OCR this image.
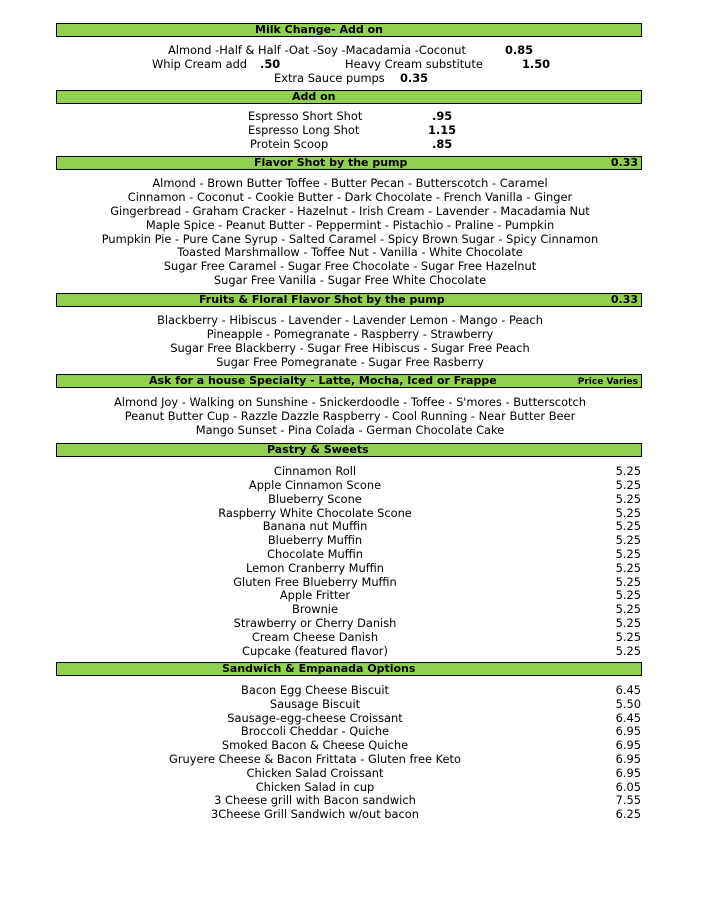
Milk Change- Add on
Almond -Half & Half -Oat -Soy -Macadamia -Coconut	0.85
Whip Cream add .50	Heavy Cream substitute	1.50
Extra Sauce pumps 0.35
Add on
Espresso Short Shot	.95
Espresso Long Shot	1.15
Protein Scoop	.85
Flavor Shot by the pump	0.33
Almond - Brown Butter Toffee - Butter Pecan - Butterscotch - Caramel
Cinnamon - Coconut - Cookie Butter - Dark Chocolate - French Vanilla - Ginger
Gingerbread - Graham Cracker - Hazelnut - Irish Cream - Lavender - Macadamia Nut
Maple Spice - Peanut Butter - Peppermint - Pistachio - Praline - Pumpkin
Pumpkin Pie - Pure Cane Syrup - Salted Caramel - Spicy Brown Sugar - Spicy Cinnamon
Toasted Marshmallow - Toffee Nut - Vanilla - White Chocolate
Sugar Free Caramel - Sugar Free Chocolate - Sugar Free Hazelnut
Sugar Free Vanilla - Sugar Free White Chocolate
Fruits & Floral Flavor Shot by the pump	0.33
Blackberry - Hibiscus - Lavender - Lavender Lemon - Mango - Peach
Pineapple - Pomegranate - Raspberry - Strawberry
Sugar Free Blackberry - Sugar Free Hibiscus - Sugar Free Peach
Sugar Free Pomegranate - Sugar Free Rasberry
Ask for a house Specialty - Latte, Mocha, Iced or Frappe	Price Varies
Almond Joy - Walking on Sunshine - Snickerdoodle - Toffee - S'mores - Butterscotch
Peanut Butter Cup - Razzle Dazzle Raspberry - Cool Running - Near Butter Beer
Mango Sunset - Pina Colada - German Chocolate Cake
Pastry & Sweets
Cinnamon Roll	5.25
Apple Cinnamon Scone	5.25
Blueberry Scone	5.25
Raspberry White Chocolate Scone	5.25
Banana nut Muffin	5.25
Blueberry Muffin	5.25
Chocolate Muffin	5.25
Lemon Cranberry Muffin	5.25
Gluten Free Blueberry Muffin	5.25
Apple Fritter	5.25
Brownie	5.25
Strawberry or Cherry Danish	5.25
Cream Cheese Danish	5.25
Cupcake (featured flavor)	5.25
Sandwich & Empanada Options
Bacon Egg Cheese Biscuit	6.45
Sausage Biscuit	5.50
Sausage-egg-cheese Croissant	6.45
Broccoli Cheddar - Quiche	6.95
Smoked Bacon & Cheese Quiche	6.95
Gruyere Cheese & Bacon Frittata - Gluten free Keto	6.95
Chicken Salad Croissant	6.95
Chicken Salad in cup	6.05
3 Cheese grill with Bacon sandwich	7.55
3Cheese Grill Sandwich w/out bacon	6.25
